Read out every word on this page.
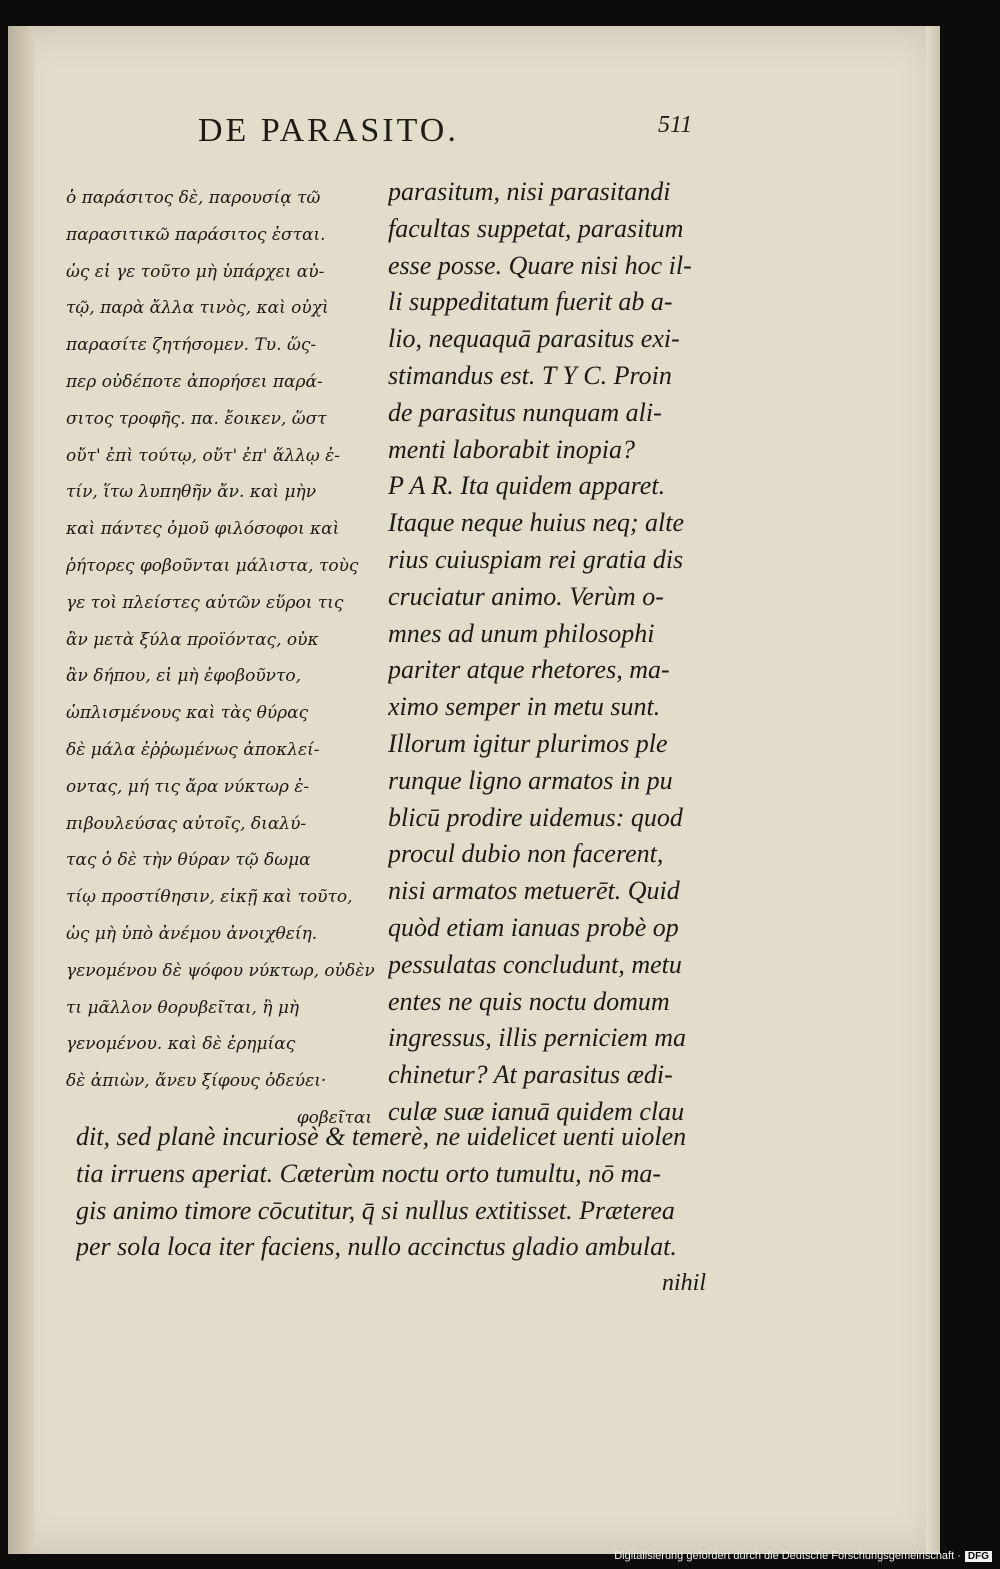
DE PARASITO.	511
ὁ παράσιτος δὲ, παρουσίᾳ τῶ
παρασιτικῶ παράσιτος ἐσται.
ὡς εἰ γε τοῦτο μὴ ὑπάρχει αὐ-
τῷ, παρὰ ἄλλα τινὸς, καὶ οὐχὶ
παρασίτε ζητήσομεν. Τυ. ὥς-
περ οὐδέποτε ἀπορήσει παρά-
σιτος τροφῆς. πα. ἔοικεν, ὥστ
οὔτ' ἐπὶ τούτῳ, οὔτ' ἐπ' ἄλλῳ ἐ-
τίν, ἵτω λυπηθῆν ἄν. καὶ μὴν
καὶ πάντες ὁμοῦ φιλόσοφοι καὶ
ῥήτορες φοβοῦνται μάλιστα, τοὺς
γε τοὶ πλείστες αὐτῶν εὕροι τις
ἂν μετὰ ξύλα προϊόντας, οὐκ
ἂν δήπου, εἰ μὴ ἐφοβοῦντο,
ὡπλισμένους καὶ τὰς θύρας
δὲ μάλα ἐῤῥωμένως ἀποκλεί-
οντας, μή τις ἄρα νύκτωρ ἐ-
πιβουλεύσας αὐτοῖς, διαλύ-
τας ὁ δὲ τὴν θύραν τῷ δωμα
τίῳ προστίθησιν, εἰκῇ καὶ τοῦτο,
ὡς μὴ ὑπὸ ἀνέμου ἀνοιχθείη.
γενομένου δὲ ψόφου νύκτωρ, οὐδὲν
τι μᾶλλον θορυβεῖται, ἢ μὴ
γενομένου. καὶ δὲ ἐρημίας
δὲ ἀπιὼν, ἄνευ ξίφους ὁδεύει·
φοβεῖται
parasitum, nisi parasitandi
facultas suppetat, parasitum
esse posse. Quare nisi hoc il-
li suppeditatum fuerit ab a-
lio, nequaquā parasitus exi-
stimandus est. T Y C. Proin
de parasitus nunquam ali-
menti laborabit inopia?
P A R. Ita quidem apparet.
Itaque neque huius neq; alte
rius cuiuspiam rei gratia dis
cruciatur animo. Verùm o-
mnes ad unum philosophi
pariter atque rhetores, ma-
ximo semper in metu sunt.
Illorum igitur plurimos ple
runque ligno armatos in pu
blicū prodire uidemus: quod
procul dubio non facerent,
nisi armatos metuerēt. Quid
quòd etiam ianuas probè op
pessulatas concludunt, metu
entes ne quis noctu domum
ingressus, illis perniciem ma
chinetur? At parasitus ædi-
culæ suæ ianuā quidem clau
dit, sed planè incuriosè & temerè, ne uidelicet uenti uiolen
tia irruens aperiat. Cæterùm noctu orto tumultu, nō ma-
gis animo timore cōcutitur, q̄ si nullus extitisset. Præterea
per sola loca iter faciens, nullo accinctus gladio ambulat.
nihil
Digitalisierung gefördert durch die Deutsche Forschungsgemeinschaft · DFG
